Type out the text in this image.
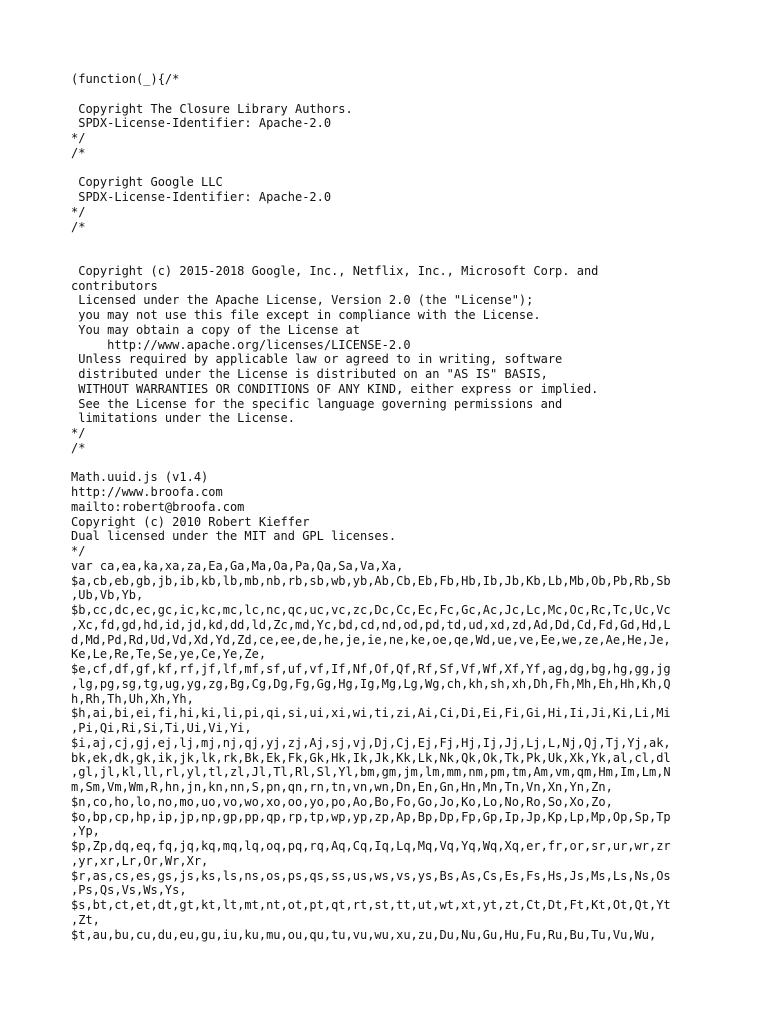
(function(_){/*
Copyright The Closure Library Authors.
SPDX-License-Identifier: Apache-2.0
*/
/*
Copyright Google LLC
SPDX-License-Identifier: Apache-2.0
*/
/*
Copyright (c) 2015-2018 Google, Inc., Netflix, Inc., Microsoft Corp. and
contributors
Licensed under the Apache License, Version 2.0 (the "License");
you may not use this file except in compliance with the License.
You may obtain a copy of the License at
http://www.apache.org/licenses/LICENSE-2.0
Unless required by applicable law or agreed to in writing, software
distributed under the License is distributed on an "AS IS" BASIS,
WITHOUT WARRANTIES OR CONDITIONS OF ANY KIND, either express or implied.
See the License for the specific language governing permissions and
limitations under the License.
*/
/*
Math.uuid.js (v1.4)
http://www.broofa.com
mailto:robert@broofa.com
Copyright (c) 2010 Robert Kieffer
Dual licensed under the MIT and GPL licenses.
*/
var ca,ea,ka,xa,za,Ea,Ga,Ma,Oa,Pa,Qa,Sa,Va,Xa,
$a,cb,eb,gb,jb,ib,kb,lb,mb,nb,rb,sb,wb,yb,Ab,Cb,Eb,Fb,Hb,Ib,Jb,Kb,Lb,Mb,Ob,Pb,Rb,Sb
,Ub,Vb,Yb,
$b,cc,dc,ec,gc,ic,kc,mc,lc,nc,qc,uc,vc,zc,Dc,Cc,Ec,Fc,Gc,Ac,Jc,Lc,Mc,Oc,Rc,Tc,Uc,Vc
,Xc,fd,gd,hd,id,jd,kd,dd,ld,Zc,md,Yc,bd,cd,nd,od,pd,td,ud,xd,zd,Ad,Dd,Cd,Fd,Gd,Hd,L
d,Md,Pd,Rd,Ud,Vd,Xd,Yd,Zd,ce,ee,de,he,je,ie,ne,ke,oe,qe,Wd,ue,ve,Ee,we,ze,Ae,He,Je,
Ke,Le,Re,Te,Se,ye,Ce,Ye,Ze,
$e,cf,df,gf,kf,rf,jf,lf,mf,sf,uf,vf,If,Nf,Of,Qf,Rf,Sf,Vf,Wf,Xf,Yf,ag,dg,bg,hg,gg,jg
,lg,pg,sg,tg,ug,yg,zg,Bg,Cg,Dg,Fg,Gg,Hg,Ig,Mg,Lg,Wg,ch,kh,sh,xh,Dh,Fh,Mh,Eh,Hh,Kh,Q
h,Rh,Th,Uh,Xh,Yh,
$h,ai,bi,ei,fi,hi,ki,li,pi,qi,si,ui,xi,wi,ti,zi,Ai,Ci,Di,Ei,Fi,Gi,Hi,Ii,Ji,Ki,Li,Mi
,Pi,Qi,Ri,Si,Ti,Ui,Vi,Yi,
$i,aj,cj,gj,ej,lj,mj,nj,qj,yj,zj,Aj,sj,vj,Dj,Cj,Ej,Fj,Hj,Ij,Jj,Lj,L,Nj,Qj,Tj,Yj,ak,
bk,ek,dk,gk,ik,jk,lk,rk,Bk,Ek,Fk,Gk,Hk,Ik,Jk,Kk,Lk,Nk,Qk,Ok,Tk,Pk,Uk,Xk,Yk,al,cl,dl
,gl,jl,kl,ll,rl,yl,tl,zl,Jl,Tl,Rl,Sl,Yl,bm,gm,jm,lm,mm,nm,pm,tm,Am,vm,qm,Hm,Im,Lm,N
m,Sm,Vm,Wm,R,hn,jn,kn,nn,S,pn,qn,rn,tn,vn,wn,Dn,En,Gn,Hn,Mn,Tn,Vn,Xn,Yn,Zn,
$n,co,ho,lo,no,mo,uo,vo,wo,xo,oo,yo,po,Ao,Bo,Fo,Go,Jo,Ko,Lo,No,Ro,So,Xo,Zo,
$o,bp,cp,hp,ip,jp,np,gp,pp,qp,rp,tp,wp,yp,zp,Ap,Bp,Dp,Fp,Gp,Ip,Jp,Kp,Lp,Mp,Op,Sp,Tp
,Yp,
$p,Zp,dq,eq,fq,jq,kq,mq,lq,oq,pq,rq,Aq,Cq,Iq,Lq,Mq,Vq,Yq,Wq,Xq,er,fr,or,sr,ur,wr,zr
,yr,xr,Lr,Or,Wr,Xr,
$r,as,cs,es,gs,js,ks,ls,ns,os,ps,qs,ss,us,ws,vs,ys,Bs,As,Cs,Es,Fs,Hs,Js,Ms,Ls,Ns,Os
,Ps,Qs,Vs,Ws,Ys,
$s,bt,ct,et,dt,gt,kt,lt,mt,nt,ot,pt,qt,rt,st,tt,ut,wt,xt,yt,zt,Ct,Dt,Ft,Kt,Ot,Qt,Yt
,Zt,
$t,au,bu,cu,du,eu,gu,iu,ku,mu,ou,qu,tu,vu,wu,xu,zu,Du,Nu,Gu,Hu,Fu,Ru,Bu,Tu,Vu,Wu,
